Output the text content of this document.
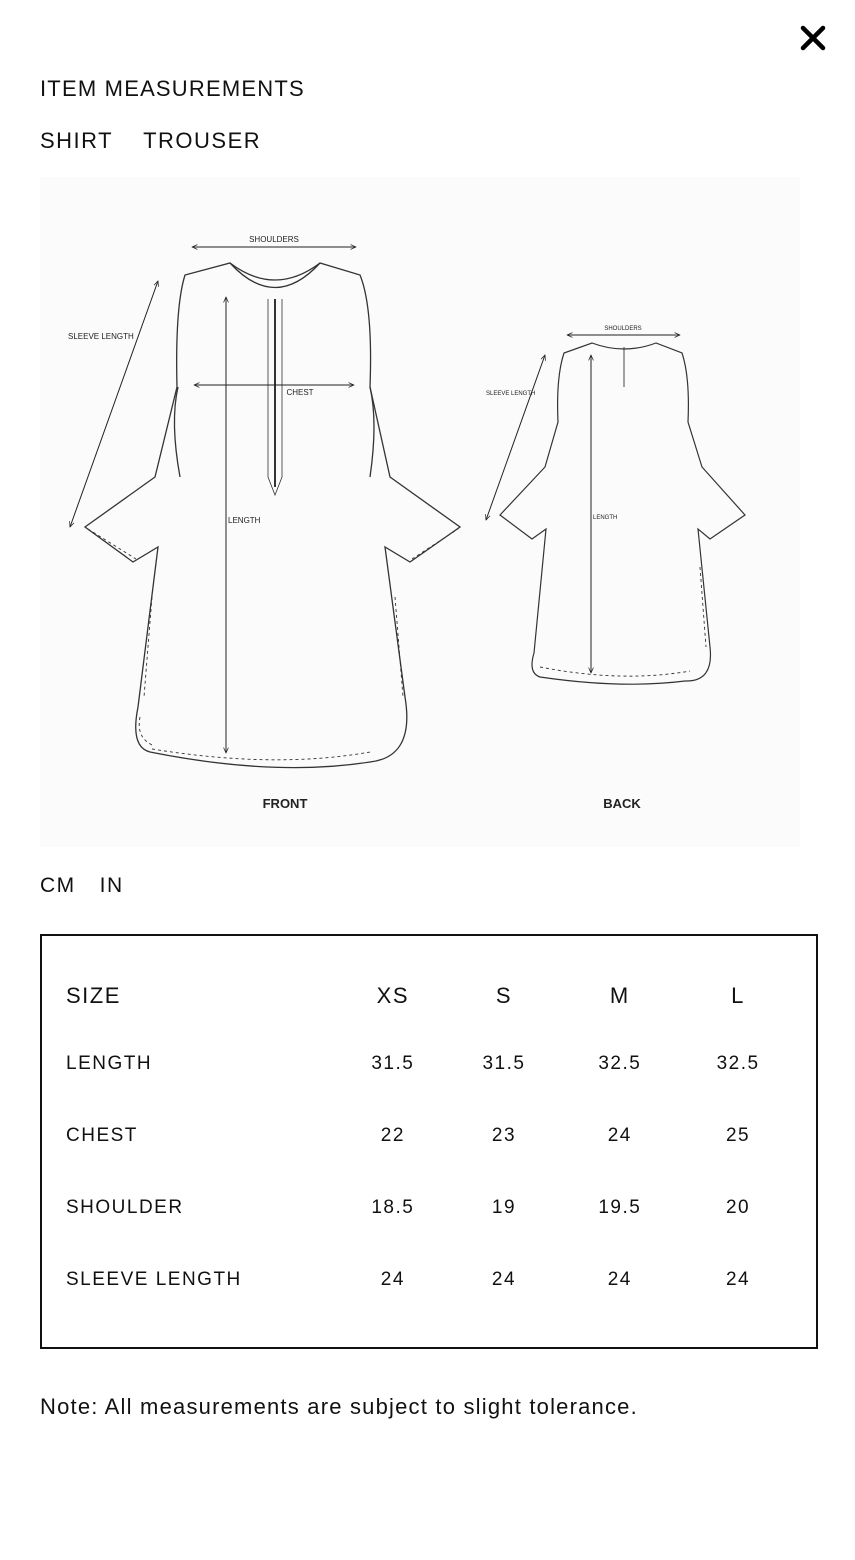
ITEM MEASUREMENTS
SHIRT TROUSER
SHOULDERS
SLEEVE LENGTH
CHEST
LENGTH
FRONT
SHOULDERS
SLEEVE LENGTH
LENGTH
BACK
CM IN
SIZE	XS	S	M	L
LENGTH	31.5	31.5	32.5	32.5
CHEST	22	23	24	25
SHOULDER	18.5	19	19.5	20
SLEEVE LENGTH	24	24	24	24
Note: All measurements are subject to slight tolerance.
